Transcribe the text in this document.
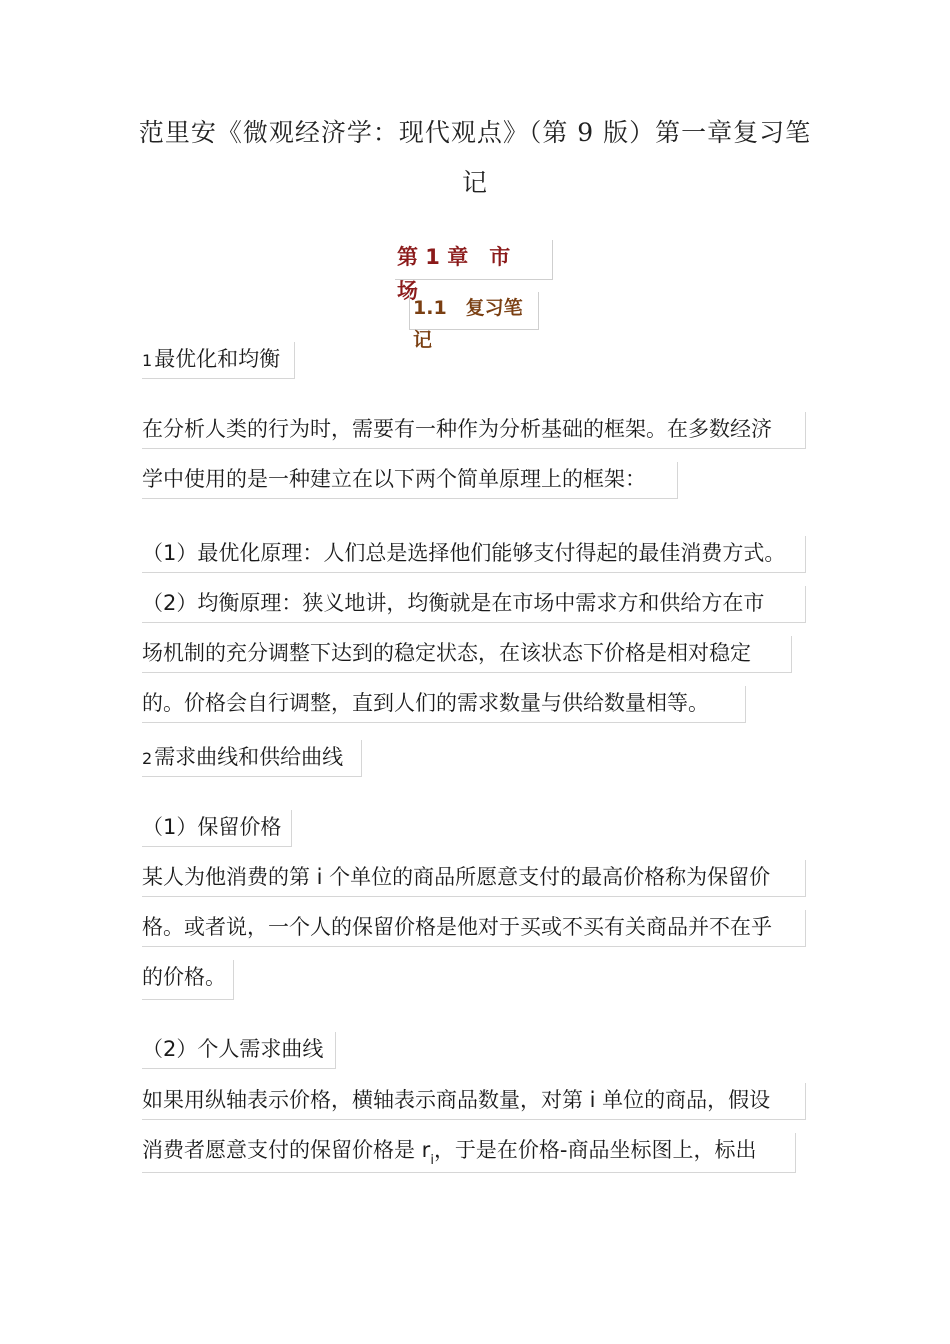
范里安《微观经济学：现代观点》（第 9 版）第一章复习笔
记
第 1 章　市　场
1.1　复习笔记
1最优化和均衡
在分析人类的行为时，需要有一种作为分析基础的框架。在多数经济
学中使用的是一种建立在以下两个简单原理上的框架：
（1）最优化原理：人们总是选择他们能够支付得起的最佳消费方式。
（2）均衡原理：狭义地讲，均衡就是在市场中需求方和供给方在市
场机制的充分调整下达到的稳定状态，在该状态下价格是相对稳定
的。价格会自行调整，直到人们的需求数量与供给数量相等。
2需求曲线和供给曲线
（1）保留价格
某人为他消费的第 i 个单位的商品所愿意支付的最高价格称为保留价
格。或者说，一个人的保留价格是他对于买或不买有关商品并不在乎
的价格。
（2）个人需求曲线
如果用纵轴表示价格，横轴表示商品数量，对第 i 单位的商品，假设
消费者愿意支付的保留价格是 $r_i$，于是在价格-商品坐标图上，标出
